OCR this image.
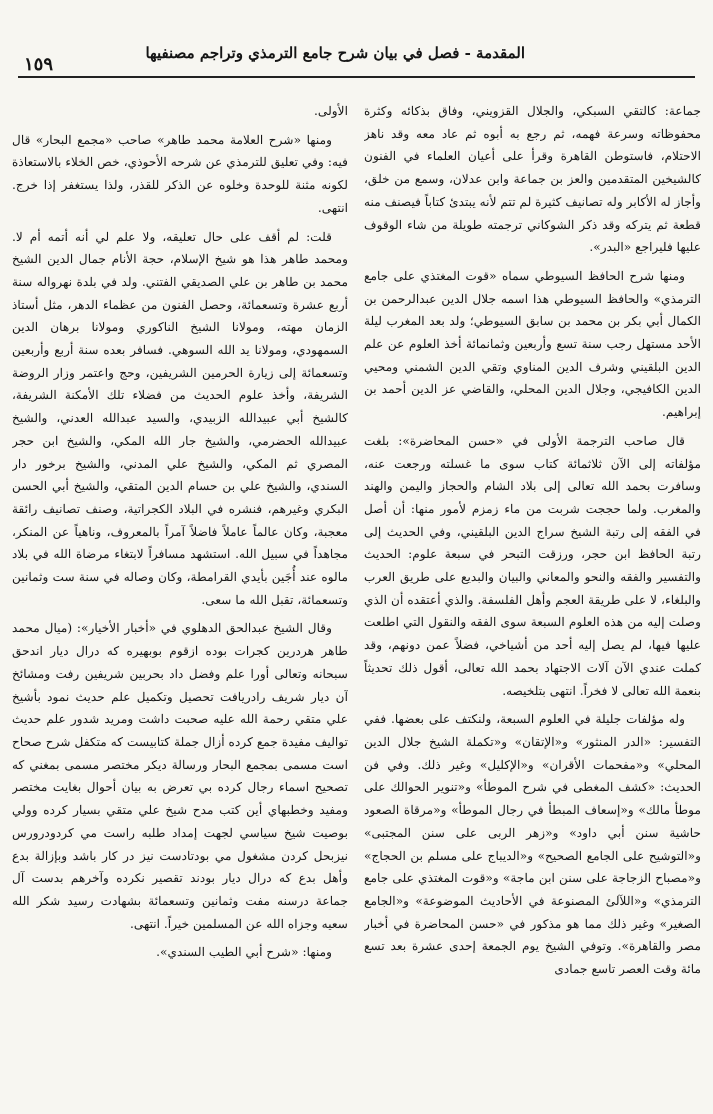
المقدمة - فصل في بيان شرح جامع الترمذي وتراجم مصنفيها
١٥٩

جماعة: كالتقي السبكي، والجلال القزويني، وفاق بذكائه وكثرة محفوظاته وسرعة فهمه، ثم رجع به أبوه ثم عاد معه وقد ناهز الاحتلام، فاستوطن القاهرة وقرأ على أعيان العلماء في الفنون كالشيخين المتقدمين والعز بن جماعة وابن عدلان، وسمع من خلق، وأجاز له الأكابر وله تصانيف كثيرة لم تتم لأنه يبتدئ كتاباً فيصنف منه قطعة ثم يتركه وقد ذكر الشوكاني ترجمته طويلة من شاء الوقوف عليها فليراجع «البدر».

ومنها شرح الحافظ السيوطي سماه «قوت المغتذي على جامع الترمذي» والحافظ السيوطي هذا اسمه جلال الدين عبدالرحمن بن الكمال أبي بكر بن محمد بن سابق السيوطي؛ ولد بعد المغرب ليلة الأحد مستهل رجب سنة تسع وأربعين وثمانمائة أخذ العلوم عن علم الدين البلقيني وشرف الدين المناوي وتقي الدين الشمني ومحيي الدين الكافيجي، وجلال الدين المحلي، والقاضي عز الدين أحمد بن إبراهيم.

قال صاحب الترجمة الأولى في «حسن المحاضرة»: بلغت مؤلفاته إلى الآن ثلاثمائة كتاب سوى ما غسلته ورجعت عنه، وسافرت بحمد الله تعالى إلى بلاد الشام والحجاز واليمن والهند والمغرب. ولما حججت شربت من ماء زمزم لأمور منها: أن أصل في الفقه إلى رتبة الشيخ سراج الدين البلقيني، وفي الحديث إلى رتبة الحافظ ابن حجر، ورزقت التبحر في سبعة علوم: الحديث والتفسير والفقه والنحو والمعاني والبيان والبديع على طريق العرب والبلغاء، لا على طريقة العجم وأهل الفلسفة. والذي أعتقده أن الذي وصلت إليه من هذه العلوم السبعة سوى الفقه والنقول التي اطلعت عليها فيها، لم يصل إليه أحد من أشياخي، فضلاً عمن دونهم، وقد كملت عندي الآن آلات الاجتهاد بحمد الله تعالى، أقول ذلك تحديثاً بنعمة الله تعالى لا فخراً. انتهى بتلخيصه.

وله مؤلفات جليلة في العلوم السبعة، ولنكتف على بعضها. ففي التفسير: «الدر المنثور» و«الإتقان» و«تكملة الشيخ جلال الدين المحلي» و«مفحمات الأقران» و«الإكليل» وغير ذلك. وفي فن الحديث: «كشف المغطى في شرح الموطأ» و«تنوير الحوالك على موطأ مالك» و«إسعاف المبطأ في رجال الموطأ» و«مرقاة الصعود حاشية سنن أبي داود» و«زهر الربى على سنن المجتبى» و«التوشيح على الجامع الصحيح» و«الديباج على مسلم بن الحجاج» و«مصباح الزجاجة على سنن ابن ماجة» و«قوت المغتذي على جامع الترمذي» و«اللآلئ المصنوعة في الأحاديث الموضوعة» و«الجامع الصغير» وغير ذلك مما هو مذكور في «حسن المحاضرة في أخبار مصر والقاهرة». وتوفي الشيخ يوم الجمعة إحدى عشرة بعد تسع مائة وقت العصر تاسع جمادى

الأولى.

ومنها «شرح العلامة محمد طاهر» صاحب «مجمع البحار» قال فيه: وفي تعليق للترمذي عن شرحه الأحوذي، خص الخلاء بالاستعاذة لكونه مثنة للوحدة وخلوه عن الذكر للقذر، ولذا يستغفر إذا خرج. انتهى.

قلت: لم أقف على حال تعليقه، ولا علم لي أنه أتمه أم لا. ومحمد طاهر هذا هو شيخ الإسلام، حجة الأنام جمال الدين الشيخ محمد بن طاهر بن علي الصديقي الفتني. ولد في بلدة نهرواله سنة أربع عشرة وتسعمائة، وحصل الفنون من عظماء الدهر، مثل أستاذ الزمان مهته، ومولانا الشيخ الناكوري ومولانا برهان الدين السمهودي، ومولانا يد الله السوهي. فسافر بعده سنة أربع وأربعين وتسعمائة إلى زيارة الحرمين الشريفين، وحج واعتمر وزار الروضة الشريفة، وأخذ علوم الحديث من فضلاء تلك الأمكنة الشريفة، كالشيخ أبي عبيدالله الزبيدي، والسيد عبدالله العدني، والشيخ عبيدالله الحضرمي، والشيخ جار الله المكي، والشيخ ابن حجر المصري ثم المكي، والشيخ علي المدني، والشيخ برخور دار السندي، والشيخ علي بن حسام الدين المتقي، والشيخ أبي الحسن البكري وغيرهم، فنشره في البلاد الكجراتية، وصنف تصانيف رائقة معجبة، وكان عالماً عاملاً فاضلاً آمراً بالمعروف، وناهياً عن المنكر، مجاهداً في سبيل الله. استشهد مسافراً لابتغاء مرضاة الله في بلاد مالوه عند أُجَين بأيدي القرامطة، وكان وصاله في سنة ست وثمانين وتسعمائة، تقبل الله ما سعى.

وقال الشيخ عبدالحق الدهلوي في «أخبار الأخيار»: (ميال محمد طاهر هردرين كجرات بوده ازقوم بوبهيره كه درال ديار اندحق سبحانه وتعالى أورا علم وفضل داد بحربين شريفين رفت ومشائخ آن ديار شريف رادريافت تحصيل وتكميل علم حديث نمود بأشيخ علي متقي رحمة الله عليه صحبت داشت ومريد شدور علم حديث تواليف مفيدة جمع كرده أزال جملة كتابيست كه متكفل شرح صحاح است مسمى بمجمع البحار ورسالة ديكر مختصر مسمى بمغني كه تصحيح اسماء رجال كرده بي تعرض به بيان أحوال بغايت مختصر ومفيد وخطبهاي أين كتب مدح شيخ علي متقي بسيار كرده وولي بوصيت شيخ سياسي لجهت إمداد طلبه راست مي كردودرورس نيزبحل كردن مشغول مي بودتادست نيز در كار باشد وبإزالة بدع وأهل بدع كه درال ديار بودند تقصير نكرده وآخرهم بدست آل جماعة درسنه مفت وثمانين وتسعمائة بشهادت رسيد شكر الله سعيه وجزاه الله عن المسلمين خيراً. انتهى.

ومنها: «شرح أبي الطيب السندي».
